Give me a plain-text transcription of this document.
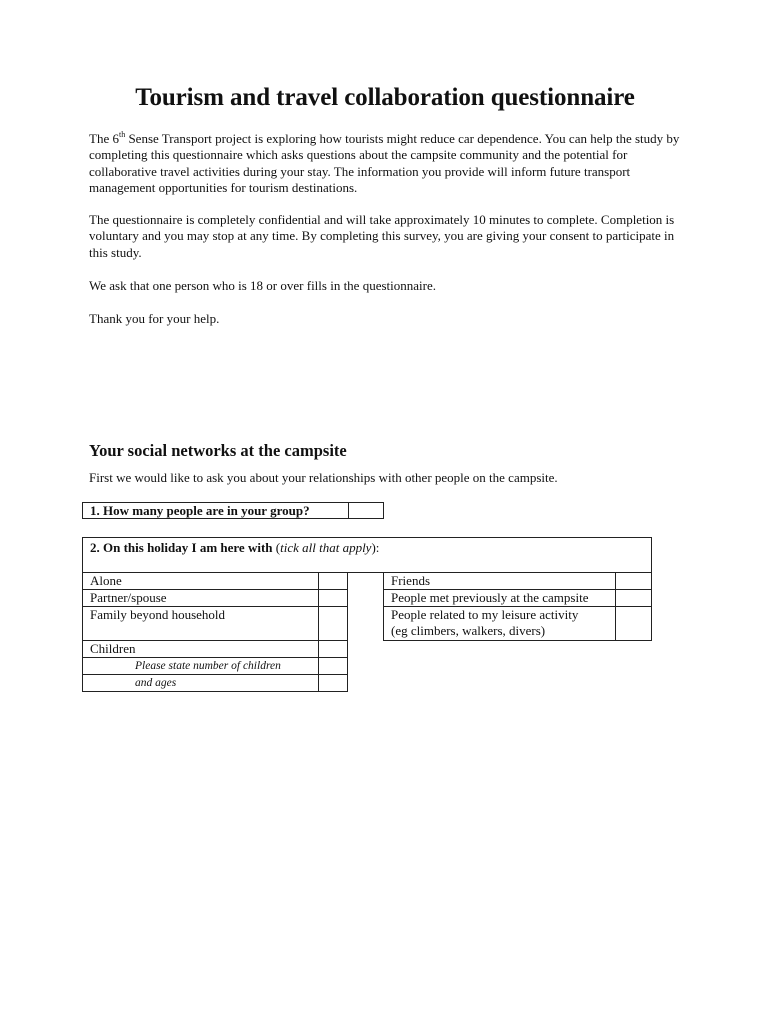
Tourism and travel collaboration questionnaire

The 6th Sense Transport project is exploring how tourists might reduce car dependence. You can help the study by completing this questionnaire which asks questions about the campsite community and the potential for collaborative travel activities during your stay. The information you provide will inform future transport management opportunities for tourism destinations.

The questionnaire is completely confidential and will take approximately 10 minutes to complete. Completion is voluntary and you may stop at any time. By completing this survey, you are giving your consent to participate in this study.

We ask that one person who is 18 or over fills in the questionnaire.

Thank you for your help.

Your social networks at the campsite

First we would like to ask you about your relationships with other people on the campsite.

1. How many people are in your group?
2. On this holiday I am here with (tick all that apply):
Alone	
Partner/spouse	
Family beyond household	
Children	
Please state number of children	
and ages	
Friends	
People met previously at the campsite	
People related to my leisure activity
(eg climbers, walkers, divers)	
